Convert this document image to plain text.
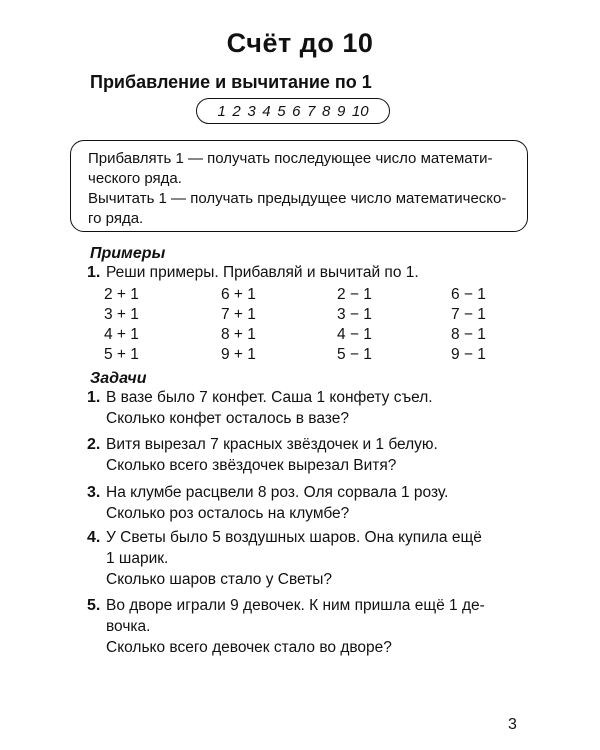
Счёт до 10
Прибавление и вычитание по 1
1 2 3 4 5 6 7 8 9 10
Прибавлять 1 — получать последующее число математи-
ческого ряда.
Вычитать 1 — получать предыдущее число математическо-
го ряда.
Примеры
1. Реши примеры. Прибавляй и вычитай по 1.
2 + 1
3 + 1
4 + 1
5 + 1
6 + 1
7 + 1
8 + 1
9 + 1
2 − 1
3 − 1
4 − 1
5 − 1
6 − 1
7 − 1
8 − 1
9 − 1
Задачи
1. В вазе было 7 конфет. Саша 1 конфету съел.
Сколько конфет осталось в вазе?
2. Витя вырезал 7 красных звёздочек и 1 белую.
Сколько всего звёздочек вырезал Витя?
3. На клумбе расцвели 8 роз. Оля сорвала 1 розу.
Сколько роз осталось на клумбе?
4. У Светы было 5 воздушных шаров. Она купила ещё
1 шарик.
Сколько шаров стало у Светы?
5. Во дворе играли 9 девочек. К ним пришла ещё 1 де-
вочка.
Сколько всего девочек стало во дворе?
3
